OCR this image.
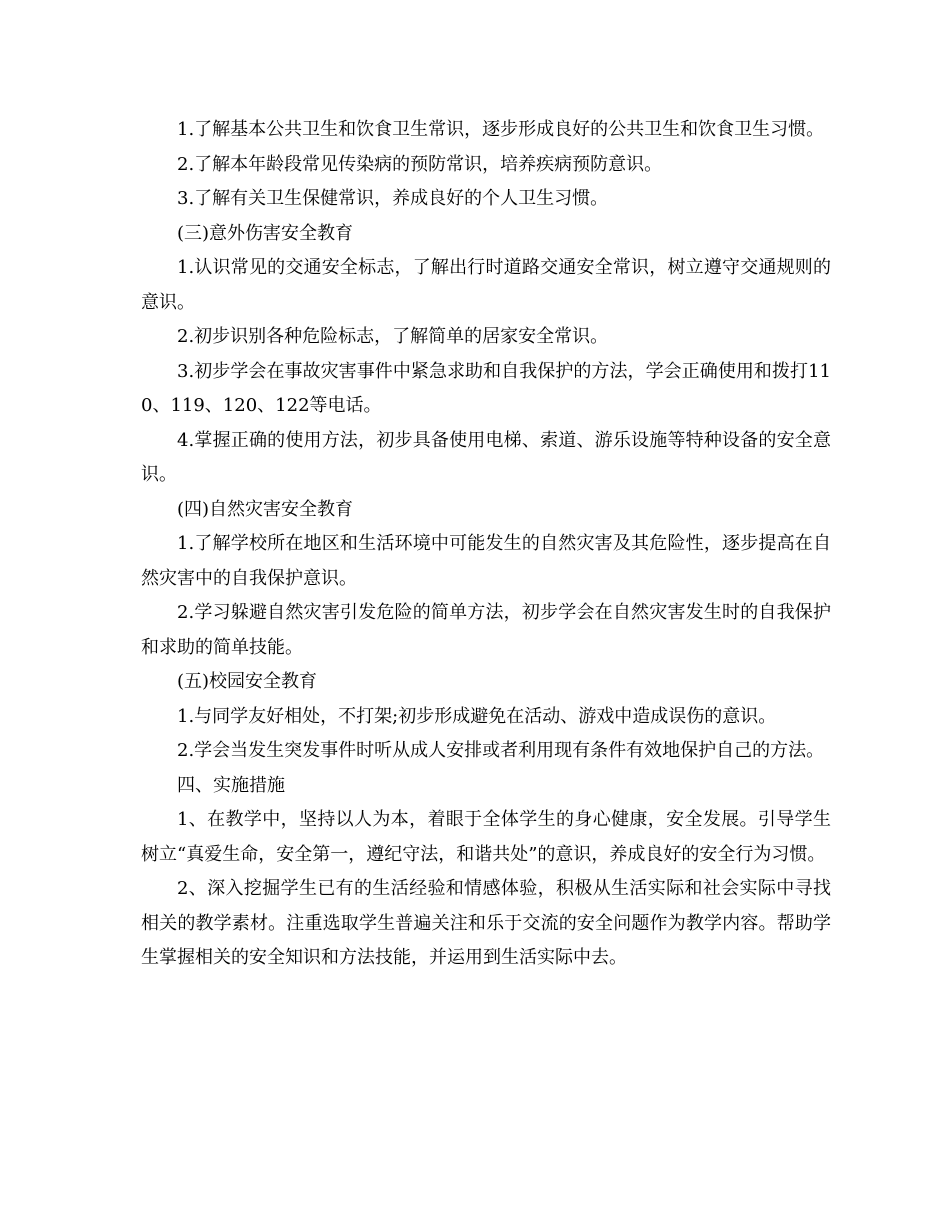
1.了解基本公共卫生和饮食卫生常识，逐步形成良好的公共卫生和饮食卫生习惯。

2.了解本年龄段常见传染病的预防常识，培养疾病预防意识。

3.了解有关卫生保健常识，养成良好的个人卫生习惯。

(三)意外伤害安全教育

1.认识常见的交通安全标志，了解出行时道路交通安全常识，树立遵守交通规则的意识。

2.初步识别各种危险标志，了解简单的居家安全常识。

3.初步学会在事故灾害事件中紧急求助和自我保护的方法，学会正确使用和拨打110、119、120、122等电话。

4.掌握正确的使用方法，初步具备使用电梯、索道、游乐设施等特种设备的安全意识。

(四)自然灾害安全教育

1.了解学校所在地区和生活环境中可能发生的自然灾害及其危险性，逐步提高在自然灾害中的自我保护意识。

2.学习躲避自然灾害引发危险的简单方法，初步学会在自然灾害发生时的自我保护和求助的简单技能。

(五)校园安全教育

1.与同学友好相处，不打架;初步形成避免在活动、游戏中造成误伤的意识。

2.学会当发生突发事件时听从成人安排或者利用现有条件有效地保护自己的方法。

四、实施措施

1、在教学中，坚持以人为本，着眼于全体学生的身心健康，安全发展。引导学生树立“真爱生命，安全第一，遵纪守法，和谐共处”的意识，养成良好的安全行为习惯。

2、深入挖掘学生已有的生活经验和情感体验，积极从生活实际和社会实际中寻找相关的教学素材。注重选取学生普遍关注和乐于交流的安全问题作为教学内容。帮助学生掌握相关的安全知识和方法技能，并运用到生活实际中去。
